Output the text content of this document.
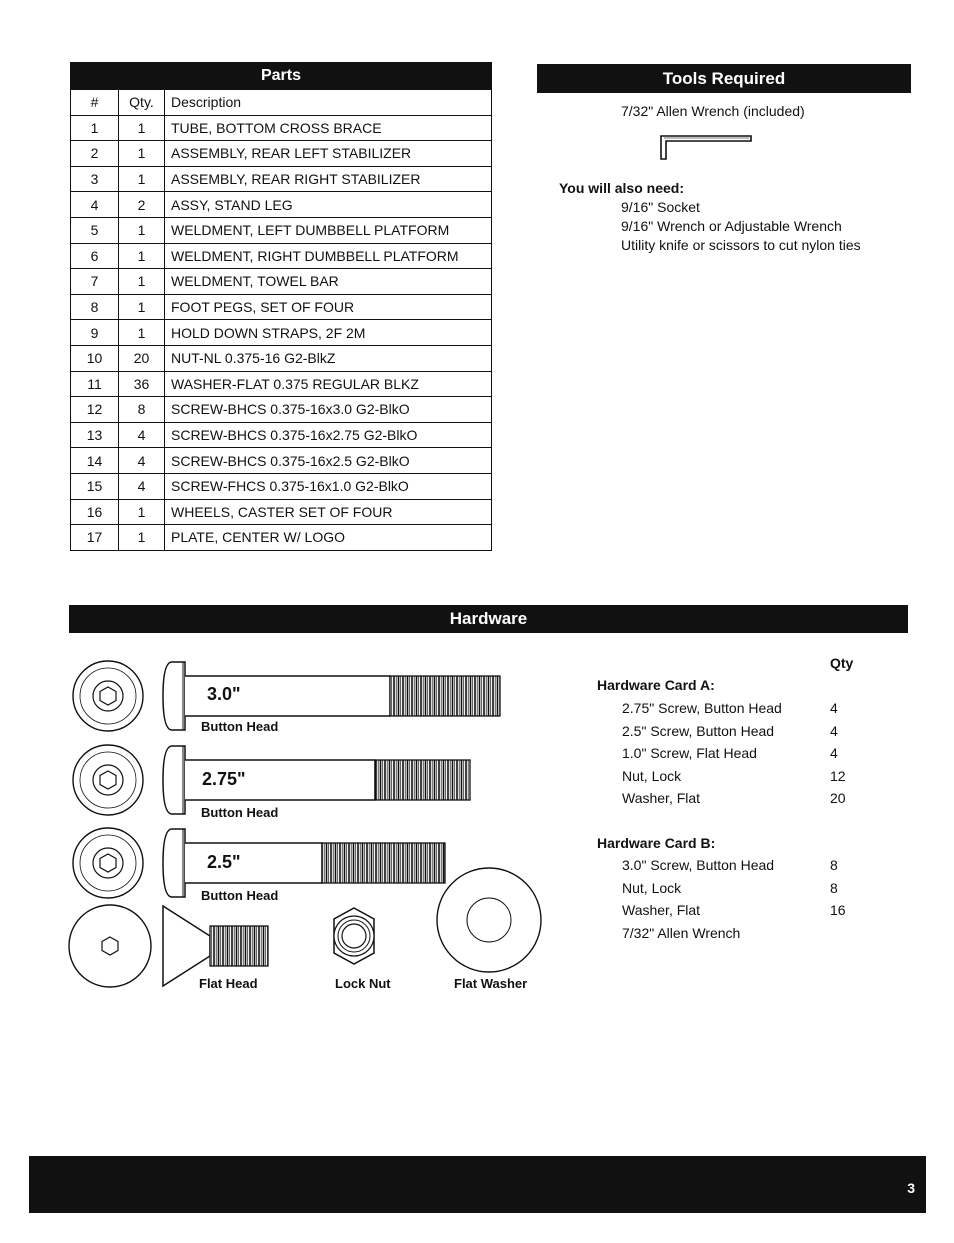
Parts		
#	Qty.	Description
1	1	TUBE, BOTTOM CROSS BRACE
2	1	ASSEMBLY, REAR LEFT STABILIZER
3	1	ASSEMBLY, REAR RIGHT STABILIZER
4	2	ASSY, STAND LEG
5	1	WELDMENT, LEFT DUMBBELL PLATFORM
6	1	WELDMENT, RIGHT DUMBBELL PLATFORM
7	1	WELDMENT, TOWEL BAR
8	1	FOOT PEGS, SET OF FOUR
9	1	HOLD DOWN STRAPS, 2F 2M
10	20	NUT-NL 0.375-16 G2-BlkZ
11	36	WASHER-FLAT 0.375 REGULAR BLKZ
12	8	SCREW-BHCS 0.375-16x3.0 G2-BlkO
13	4	SCREW-BHCS 0.375-16x2.75 G2-BlkO
14	4	SCREW-BHCS 0.375-16x2.5 G2-BlkO
15	4	SCREW-FHCS 0.375-16x1.0 G2-BlkO
16	1	WHEELS, CASTER SET OF FOUR
17	1	PLATE, CENTER W/ LOGO
Tools Required
7/32" Allen Wrench (included)
You will also need:
9/16" Socket
9/16" Wrench or Adjustable Wrench
Utility knife or scissors to cut nylon ties
Hardware
3.0"
Button Head
2.75"
Button Head
2.5"
Button Head
Flat Head	Lock Nut	Flat Washer
Qty
Hardware Card A:
2.75" Screw, Button Head	4
2.5" Screw, Button Head	4
1.0" Screw, Flat Head	4
Nut, Lock	12
Washer, Flat	20
Hardware Card B:
3.0" Screw, Button Head	8
Nut, Lock	8
Washer, Flat	16
7/32" Allen Wrench
3
